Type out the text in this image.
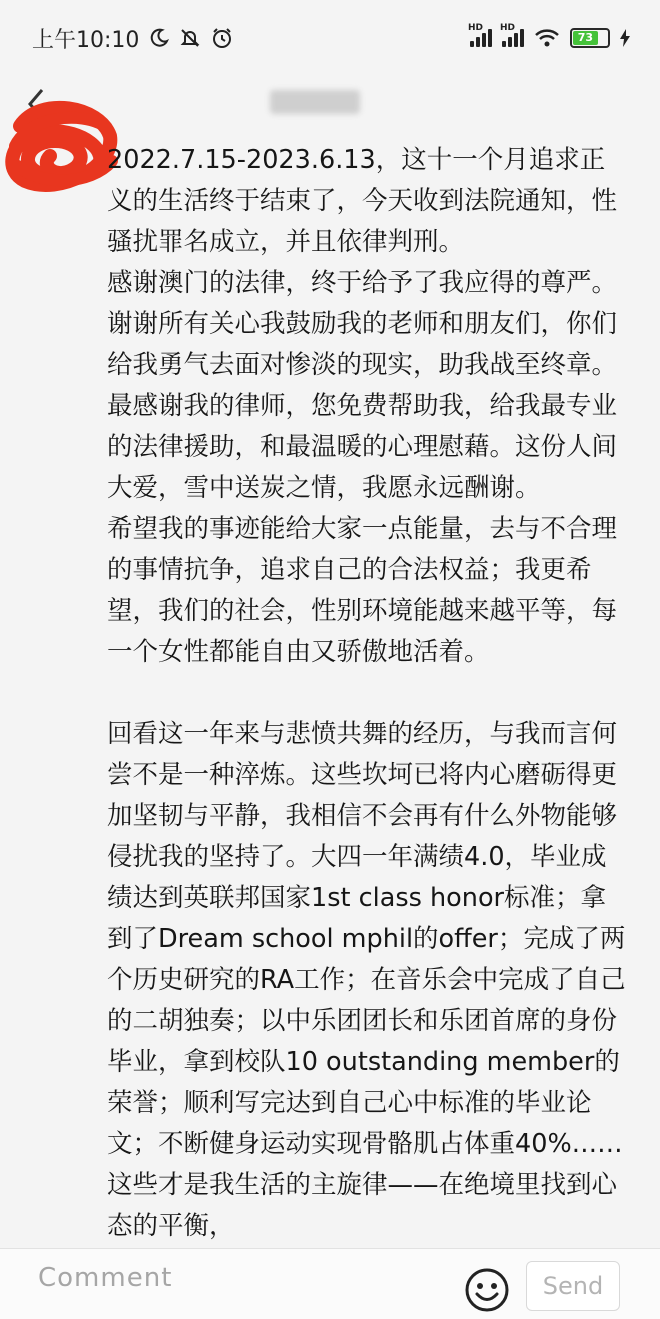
上午10:10	HD HD
73
Denaos

2022.7.15-2023.6.13，这十一个月追求正义的生活终于结束了，今天收到法院通知，性骚扰罪名成立，并且依律判刑。

感谢澳门的法律，终于给予了我应得的尊严。谢谢所有关心我鼓励我的老师和朋友们，你们给我勇气去面对惨淡的现实，助我战至终章。最感谢我的律师，您免费帮助我，给我最专业的法律援助，和最温暖的心理慰藉。这份人间大爱，雪中送炭之情，我愿永远酬谢。

希望我的事迹能给大家一点能量，去与不合理的事情抗争，追求自己的合法权益；我更希望，我们的社会，性别环境能越来越平等，每一个女性都能自由又骄傲地活着。

回看这一年来与悲愤共舞的经历，与我而言何尝不是一种淬炼。这些坎坷已将内心磨砺得更加坚韧与平静，我相信不会再有什么外物能够侵扰我的坚持了。大四一年满绩4.0，毕业成绩达到英联邦国家1st class honor标准；拿到了Dream school mphil的offer；完成了两个历史研究的RA工作；在音乐会中完成了自己的二胡独奏；以中乐团团长和乐团首席的身份毕业，拿到校队10 outstanding member的荣誉；顺利写完达到自己心中标准的毕业论文；不断健身运动实现骨骼肌占体重40%……这些才是我生活的主旋律——在绝境里找到心态的平衡，

Comment	Send
